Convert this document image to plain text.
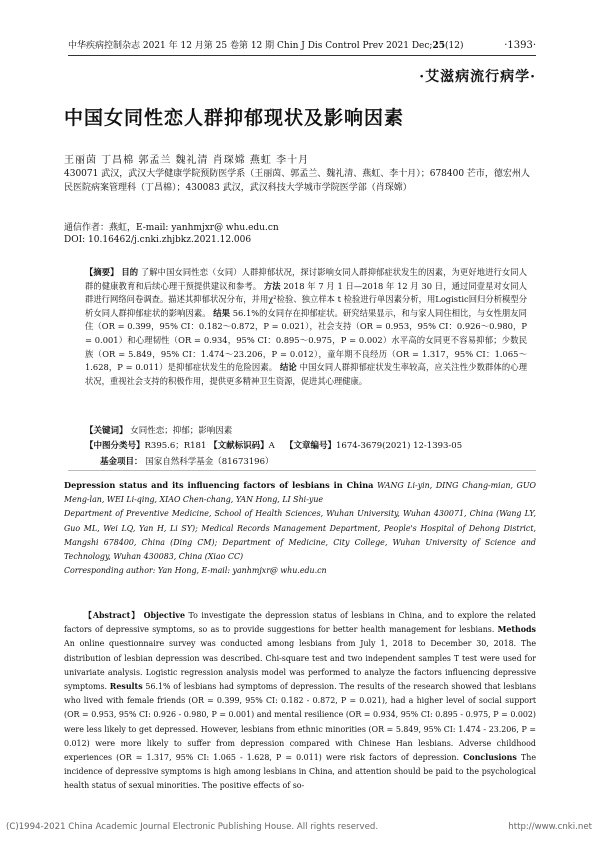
中华疾病控制杂志 2021 年 12 月第 25 卷第 12 期 Chin J Dis Control Prev 2021 Dec;25(12)	·1393·
·艾滋病流行病学·
中国女同性恋人群抑郁现状及影响因素
王丽茵 丁昌棉 郭孟兰 魏礼清 肖琛嫦 燕虹 李十月
430071 武汉，武汉大学健康学院预防医学系（王丽茵、郭孟兰、魏礼清、燕虹、李十月）；678400 芒市，德宏州人民医院病案管理科（丁昌棉）；430083 武汉，武汉科技大学城市学院医学部（肖琛嫦）
通信作者：燕虹，E-mail: yanhmjxr@ whu.edu.cn
DOI: 10.16462/j.cnki.zhjbkz.2021.12.006
【摘要】 目的 了解中国女同性恋（女同）人群抑郁状况，探讨影响女同人群抑郁症状发生的因素，为更好地进行女同人群的健康教育和后续心理干预提供建议和参考。 方法 2018 年 7 月 1 日—2018 年 12 月 30 日，通过同壹星对女同人群进行网络问卷调查。描述其抑郁状况分布，并用χ²检验、独立样本 t 检验进行单因素分析，用Logistic回归分析模型分析女同人群抑郁症状的影响因素。 结果 56.1%的女同存在抑郁症状。研究结果显示，和与家人同住相比，与女性朋友同住（OR = 0.399，95% CI：0.182～0.872，P = 0.021），社会支持（OR = 0.953，95% CI：0.926～0.980，P = 0.001）和心理韧性（OR = 0.934，95% CI：0.895～0.975，P = 0.002）水平高的女同更不容易抑郁；少数民族（OR = 5.849，95% CI：1.474～23.206，P = 0.012），童年期不良经历（OR = 1.317，95% CI：1.065～1.628，P = 0.011）是抑郁症状发生的危险因素。 结论 中国女同人群抑郁症状发生率较高，应关注性少数群体的心理状况，重视社会支持的积极作用，提供更多精神卫生资源，促进其心理健康。
【关键词】 女同性恋；抑郁；影响因素
【中图分类号】R395.6；R181 【文献标识码】A 【文章编号】1674-3679(2021) 12-1393-05
基金项目： 国家自然科学基金（81673196）
Depression status and its influencing factors of lesbians in China WANG Li-yin, DING Chang-mian, GUO Meng-lan, WEI Li-qing, XIAO Chen-chang, YAN Hong, LI Shi-yue
Department of Preventive Medicine, School of Health Sciences, Wuhan University, Wuhan 430071, China (Wang LY, Guo ML, Wei LQ, Yan H, Li SY); Medical Records Management Department, People's Hospital of Dehong District, Mangshi 678400, China (Ding CM); Department of Medicine, City College, Wuhan University of Science and Technology, Wuhan 430083, China (Xiao CC)
Corresponding author: Yan Hong, E-mail: yanhmjxr@ whu.edu.cn
【Abstract】 Objective To investigate the depression status of lesbians in China, and to explore the related factors of depressive symptoms, so as to provide suggestions for better health management for lesbians. Methods An online questionnaire survey was conducted among lesbians from July 1, 2018 to December 30, 2018. The distribution of lesbian depression was described. Chi-square test and two independent samples T test were used for univariate analysis. Logistic regression analysis model was performed to analyze the factors influencing depressive symptoms. Results 56.1% of lesbians had symptoms of depression. The results of the research showed that lesbians who lived with female friends (OR = 0.399, 95% CI: 0.182 - 0.872, P = 0.021), had a higher level of social support (OR = 0.953, 95% CI: 0.926 - 0.980, P = 0.001) and mental resilience (OR = 0.934, 95% CI: 0.895 - 0.975, P = 0.002) were less likely to get depressed. However, lesbians from ethnic minorities (OR = 5.849, 95% CI: 1.474 - 23.206, P = 0.012) were more likely to suffer from depression compared with Chinese Han lesbians. Adverse childhood experiences (OR = 1.317, 95% CI: 1.065 - 1.628, P = 0.011) were risk factors of depression. Conclusions The incidence of depressive symptoms is high among lesbians in China, and attention should be paid to the psychological health status of sexual minorities. The positive effects of so-
(C)1994-2021 China Academic Journal Electronic Publishing House. All rights reserved.	http://www.cnki.net
